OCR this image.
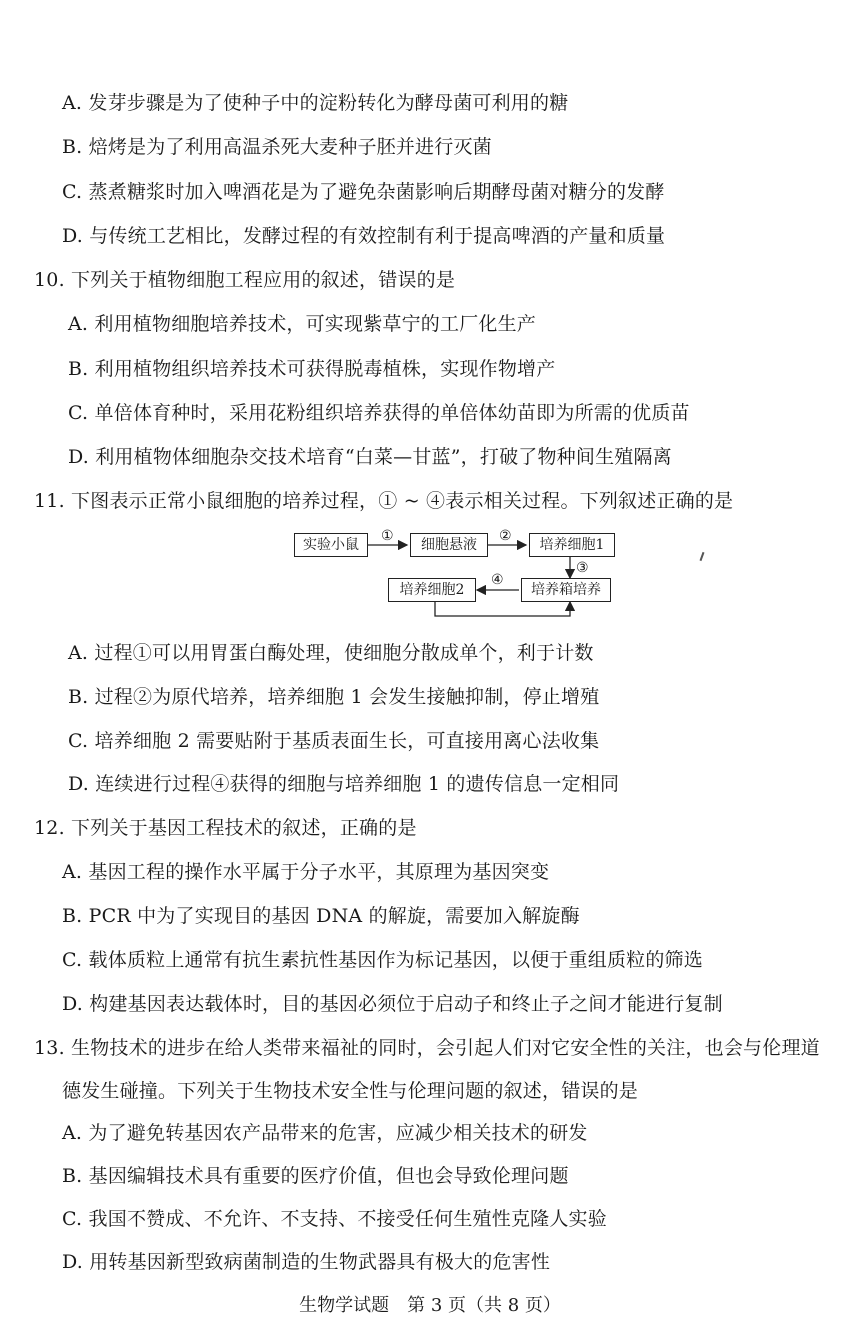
A. 发芽步骤是为了使种子中的淀粉转化为酵母菌可利用的糖
B. 焙烤是为了利用高温杀死大麦种子胚并进行灭菌
C. 蒸煮糖浆时加入啤酒花是为了避免杂菌影响后期酵母菌对糖分的发酵
D. 与传统工艺相比，发酵过程的有效控制有利于提高啤酒的产量和质量
10. 下列关于植物细胞工程应用的叙述，错误的是
A. 利用植物细胞培养技术，可实现紫草宁的工厂化生产
B. 利用植物组织培养技术可获得脱毒植株，实现作物增产
C. 单倍体育种时，采用花粉组织培养获得的单倍体幼苗即为所需的优质苗
D. 利用植物体细胞杂交技术培育“白菜—甘蓝”，打破了物种间生殖隔离
11. 下图表示正常小鼠细胞的培养过程，① ~ ④表示相关过程。下列叙述正确的是
实验小鼠	细胞悬液	培养细胞1
培养箱培养
培养细胞2
①	②
③
④
A. 过程①可以用胃蛋白酶处理，使细胞分散成单个，利于计数
B. 过程②为原代培养，培养细胞 1 会发生接触抑制，停止增殖
C. 培养细胞 2 需要贴附于基质表面生长，可直接用离心法收集
D. 连续进行过程④获得的细胞与培养细胞 1 的遗传信息一定相同
12. 下列关于基因工程技术的叙述，正确的是
A. 基因工程的操作水平属于分子水平，其原理为基因突变
B. PCR 中为了实现目的基因 DNA 的解旋，需要加入解旋酶
C. 载体质粒上通常有抗生素抗性基因作为标记基因，以便于重组质粒的筛选
D. 构建基因表达载体时，目的基因必须位于启动子和终止子之间才能进行复制
13. 生物技术的进步在给人类带来福祉的同时，会引起人们对它安全性的关注，也会与伦理道
德发生碰撞。下列关于生物技术安全性与伦理问题的叙述，错误的是
A. 为了避免转基因农产品带来的危害，应减少相关技术的研发
B. 基因编辑技术具有重要的医疗价值，但也会导致伦理问题
C. 我国不赞成、不允许、不支持、不接受任何生殖性克隆人实验
D. 用转基因新型致病菌制造的生物武器具有极大的危害性
生物学试题　第 3 页（共 8 页）
